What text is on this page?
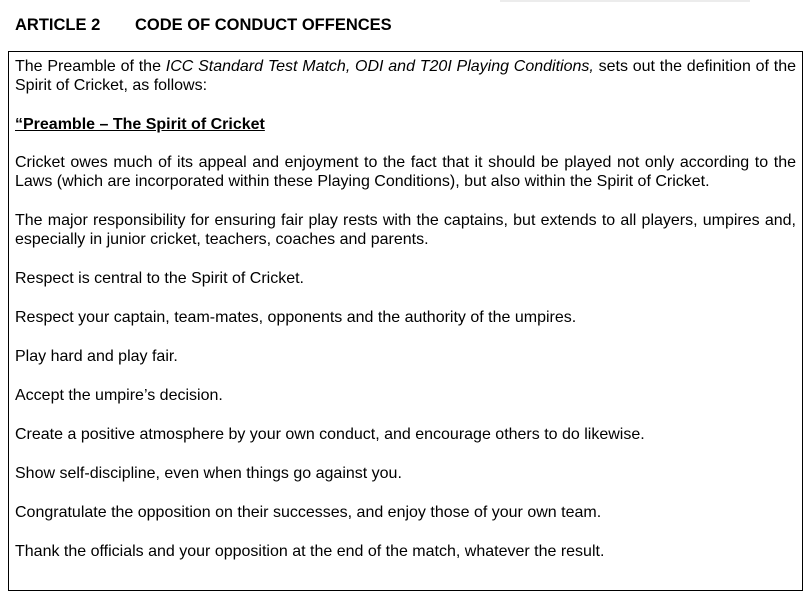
ARTICLE 2 CODE OF CONDUCT OFFENCES

The Preamble of the ICC Standard Test Match, ODI and T20I Playing Conditions, sets out the definition of the Spirit of Cricket, as follows:

“Preamble – The Spirit of Cricket

Cricket owes much of its appeal and enjoyment to the fact that it should be played not only according to the Laws (which are incorporated within these Playing Conditions), but also within the Spirit of Cricket.

The major responsibility for ensuring fair play rests with the captains, but extends to all players, umpires and, especially in junior cricket, teachers, coaches and parents.

Respect is central to the Spirit of Cricket.

Respect your captain, team-mates, opponents and the authority of the umpires.

Play hard and play fair.

Accept the umpire’s decision.

Create a positive atmosphere by your own conduct, and encourage others to do likewise.

Show self-discipline, even when things go against you.

Congratulate the opposition on their successes, and enjoy those of your own team.

Thank the officials and your opposition at the end of the match, whatever the result.
